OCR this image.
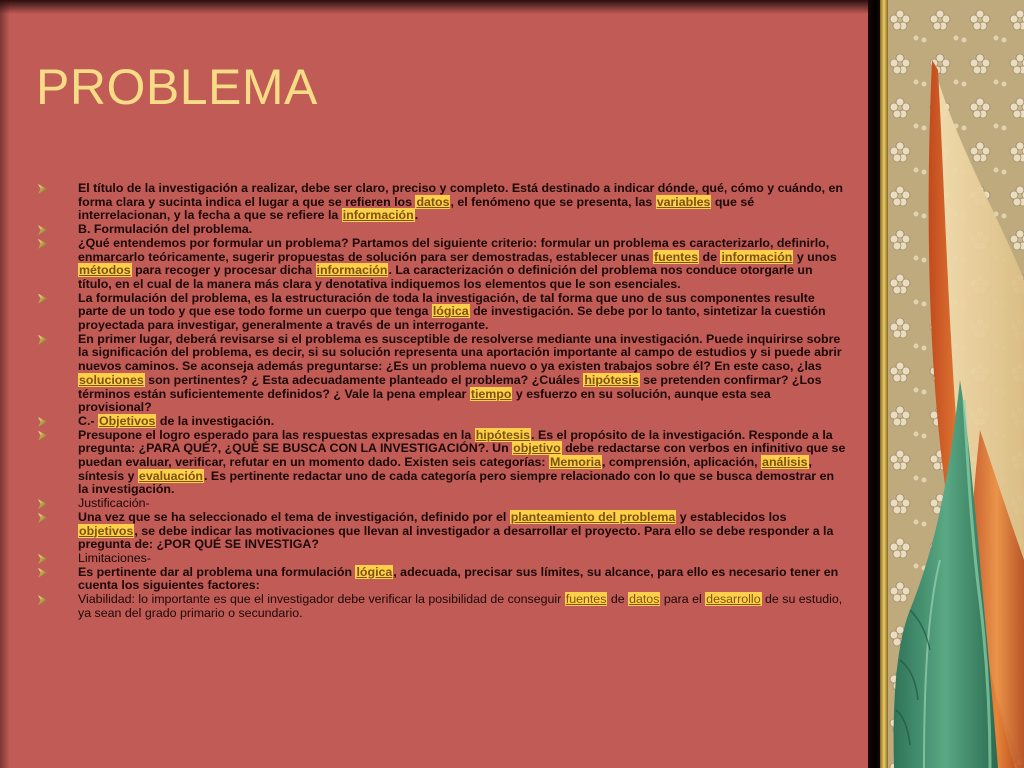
PROBLEMA
El título de la investigación a realizar, debe ser claro, preciso y completo. Está destinado a indicar dónde, qué, cómo y cuándo, en forma clara y sucinta indica el lugar a que se refieren los datos, el fenómeno que se presenta, las variables que sé interrelacionan, y la fecha a que se refiere la información.
B. Formulación del problema.
¿Qué entendemos por formular un problema? Partamos del siguiente criterio: formular un problema es caracterizarlo, definirlo, enmarcarlo teóricamente, sugerir propuestas de solución para ser demostradas, establecer unas fuentes de información y unos métodos para recoger y procesar dicha información. La caracterización o definición del problema nos conduce otorgarle un título, en el cual de la manera más clara y denotativa indiquemos los elementos que le son esenciales.
La formulación del problema, es la estructuración de toda la investigación, de tal forma que uno de sus componentes resulte parte de un todo y que ese todo forme un cuerpo que tenga lógica de investigación. Se debe por lo tanto, sintetizar la cuestión proyectada para investigar, generalmente a través de un interrogante.
En primer lugar, deberá revisarse si el problema es susceptible de resolverse mediante una investigación. Puede inquirirse sobre la significación del problema, es decir, si su solución representa una aportación importante al campo de estudios y si puede abrir nuevos caminos. Se aconseja además preguntarse: ¿Es un problema nuevo o ya existen trabajos sobre él? En este caso, ¿las soluciones son pertinentes? ¿ Esta adecuadamente planteado el problema? ¿Cuáles hipótesis se pretenden confirmar? ¿Los términos están suficientemente definidos? ¿ Vale la pena emplear tiempo y esfuerzo en su solución, aunque esta sea provisional?
C.- Objetivos de la investigación.
Presupone el logro esperado para las respuestas expresadas en la hipótesis. Es el propósito de la investigación. Responde a la pregunta: ¿PARA QUÉ?, ¿QUÉ SE BUSCA CON LA INVESTIGACIÓN?. Un objetivo debe redactarse con verbos en infinitivo que se puedan evaluar, verificar, refutar en un momento dado. Existen seis categorías: Memoria, comprensión, aplicación, análisis, síntesis y evaluación. Es pertinente redactar uno de cada categoría pero siempre relacionado con lo que se busca demostrar en la investigación.
Justificación-
Una vez que se ha seleccionado el tema de investigación, definido por el planteamiento del problema y establecidos los objetivos, se debe indicar las motivaciones que llevan al investigador a desarrollar el proyecto. Para ello se debe responder a la pregunta de: ¿POR QUÉ SE INVESTIGA?
Limitaciones-
Es pertinente dar al problema una formulación lógica, adecuada, precisar sus límites, su alcance, para ello es necesario tener en cuenta los siguientes factores:
Viabilidad: lo importante es que el investigador debe verificar la posibilidad de conseguir fuentes de datos para el desarrollo de su estudio, ya sean del grado primario o secundario.
